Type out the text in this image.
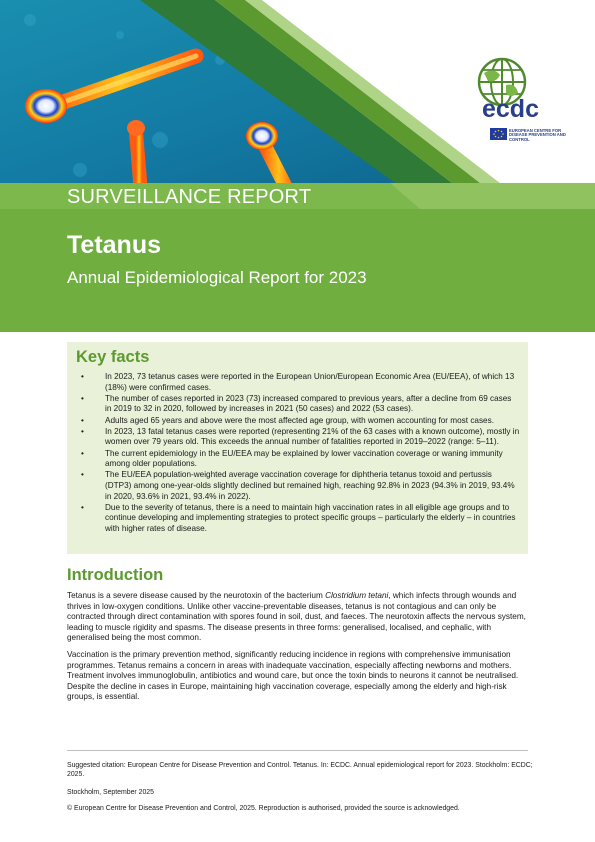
SURVEILLANCE REPORT
Tetanus
Annual Epidemiological Report for 2023
ecdc
EUROPEAN CENTRE FOR DISEASE PREVENTION AND CONTROL
Key facts
• In 2023, 73 tetanus cases were reported in the European Union/European Economic Area (EU/EEA), of which 13 (18%) were confirmed cases.
• The number of cases reported in 2023 (73) increased compared to previous years, after a decline from 69 cases in 2019 to 32 in 2020, followed by increases in 2021 (50 cases) and 2022 (53 cases).
• Adults aged 65 years and above were the most affected age group, with women accounting for most cases.
• In 2023, 13 fatal tetanus cases were reported (representing 21% of the 63 cases with a known outcome), mostly in women over 79 years old. This exceeds the annual number of fatalities reported in 2019–2022 (range: 5–11).
• The current epidemiology in the EU/EEA may be explained by lower vaccination coverage or waning immunity among older populations.
• The EU/EEA population-weighted average vaccination coverage for diphtheria tetanus toxoid and pertussis (DTP3) among one-year-olds slightly declined but remained high, reaching 92.8% in 2023 (94.3% in 2019, 93.4% in 2020, 93.6% in 2021, 93.4% in 2022).
• Due to the severity of tetanus, there is a need to maintain high vaccination rates in all eligible age groups and to continue developing and implementing strategies to protect specific groups – particularly the elderly – in countries with higher rates of disease.
Introduction

Tetanus is a severe disease caused by the neurotoxin of the bacterium Clostridium tetani, which infects through wounds and thrives in low-oxygen conditions. Unlike other vaccine-preventable diseases, tetanus is not contagious and can only be contracted through direct contamination with spores found in soil, dust, and faeces. The neurotoxin affects the nervous system, leading to muscle rigidity and spasms. The disease presents in three forms: generalised, localised, and cephalic, with generalised being the most common.

Vaccination is the primary prevention method, significantly reducing incidence in regions with comprehensive immunisation programmes. Tetanus remains a concern in areas with inadequate vaccination, especially affecting newborns and mothers. Treatment involves immunoglobulin, antibiotics and wound care, but once the toxin binds to neurons it cannot be neutralised. Despite the decline in cases in Europe, maintaining high vaccination coverage, especially among the elderly and high-risk groups, is essential.

Suggested citation: European Centre for Disease Prevention and Control. Tetanus. In: ECDC. Annual epidemiological report for 2023. Stockholm: ECDC; 2025.

Stockholm, September 2025

© European Centre for Disease Prevention and Control, 2025. Reproduction is authorised, provided the source is acknowledged.
